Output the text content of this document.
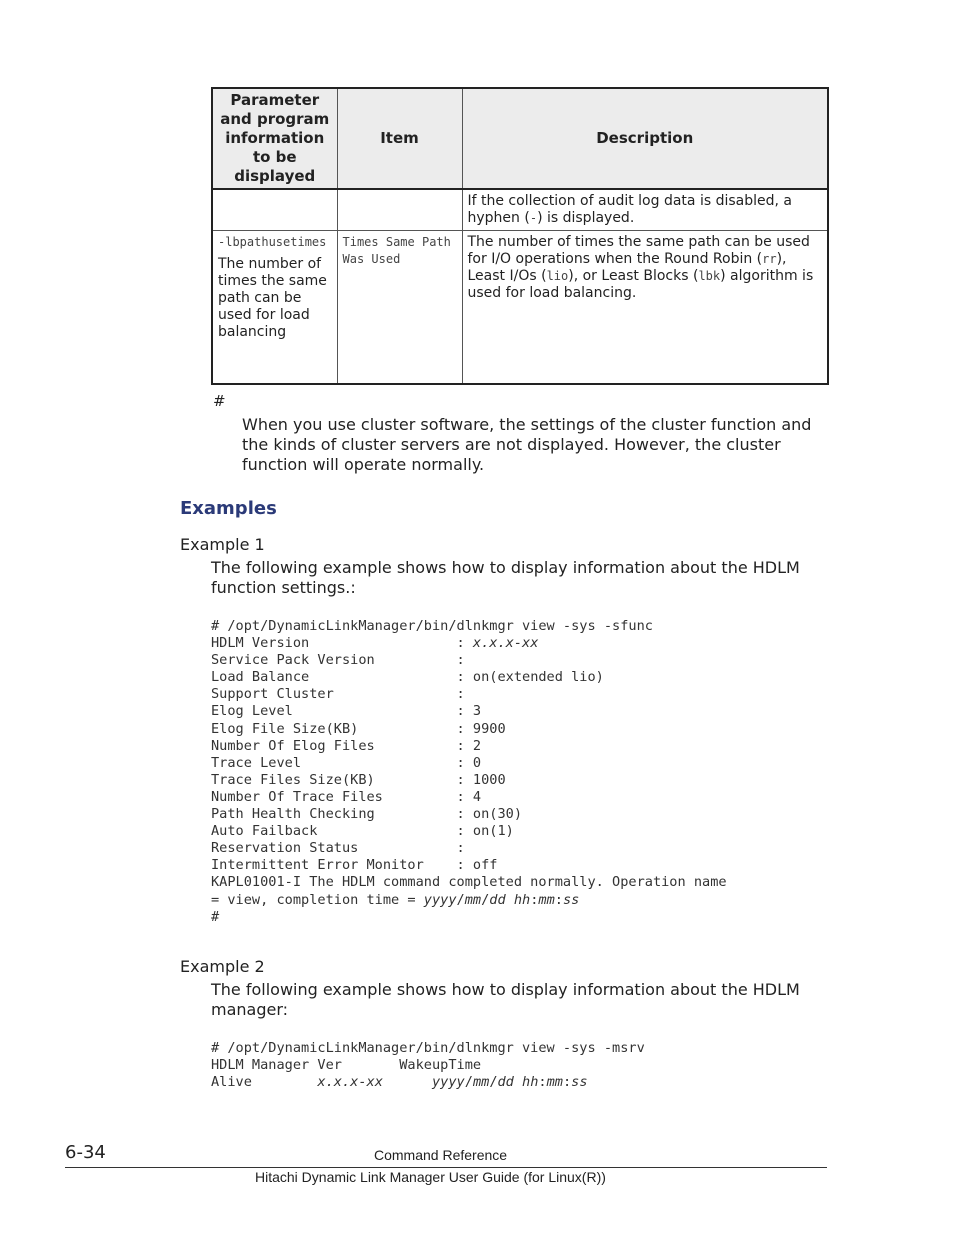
Parameter and program information to be displayed	Item	Description
		If the collection of audit log data is disabled, a hyphen (-) is displayed.

-lbpathusetimes
The number of times the same path can be used for load balancing	Times Same Path Was Used	The number of times the same path can be used for I/O operations when the Round Robin (rr), Least I/Os (lio), or Least Blocks (lbk) algorithm is used for load balancing.
#
When you use cluster software, the settings of the cluster function and the kinds of cluster servers are not displayed. However, the cluster function will operate normally.
Examples
Example 1
The following example shows how to display information about the HDLM function settings.:
# /opt/DynamicLinkManager/bin/dlnkmgr view -sys -sfunc
HDLM Version                  : x.x.x-xx
Service Pack Version          :
Load Balance                  : on(extended lio)
Support Cluster               :
Elog Level                    : 3
Elog File Size(KB)            : 9900
Number Of Elog Files          : 2
Trace Level                   : 0
Trace Files Size(KB)          : 1000
Number Of Trace Files         : 4
Path Health Checking          : on(30)
Auto Failback                 : on(1)
Reservation Status            :
Intermittent Error Monitor    : off
KAPL01001-I The HDLM command completed normally. Operation name
= view, completion time = yyyy/mm/dd hh:mm:ss
#
Example 2
The following example shows how to display information about the HDLM manager:
# /opt/DynamicLinkManager/bin/dlnkmgr view -sys -msrv
HDLM Manager Ver       WakeupTime
Alive        x.x.x-xx	yyyy/mm/dd hh:mm:ss
6-34	Command Reference
Hitachi Dynamic Link Manager User Guide (for Linux(R))
